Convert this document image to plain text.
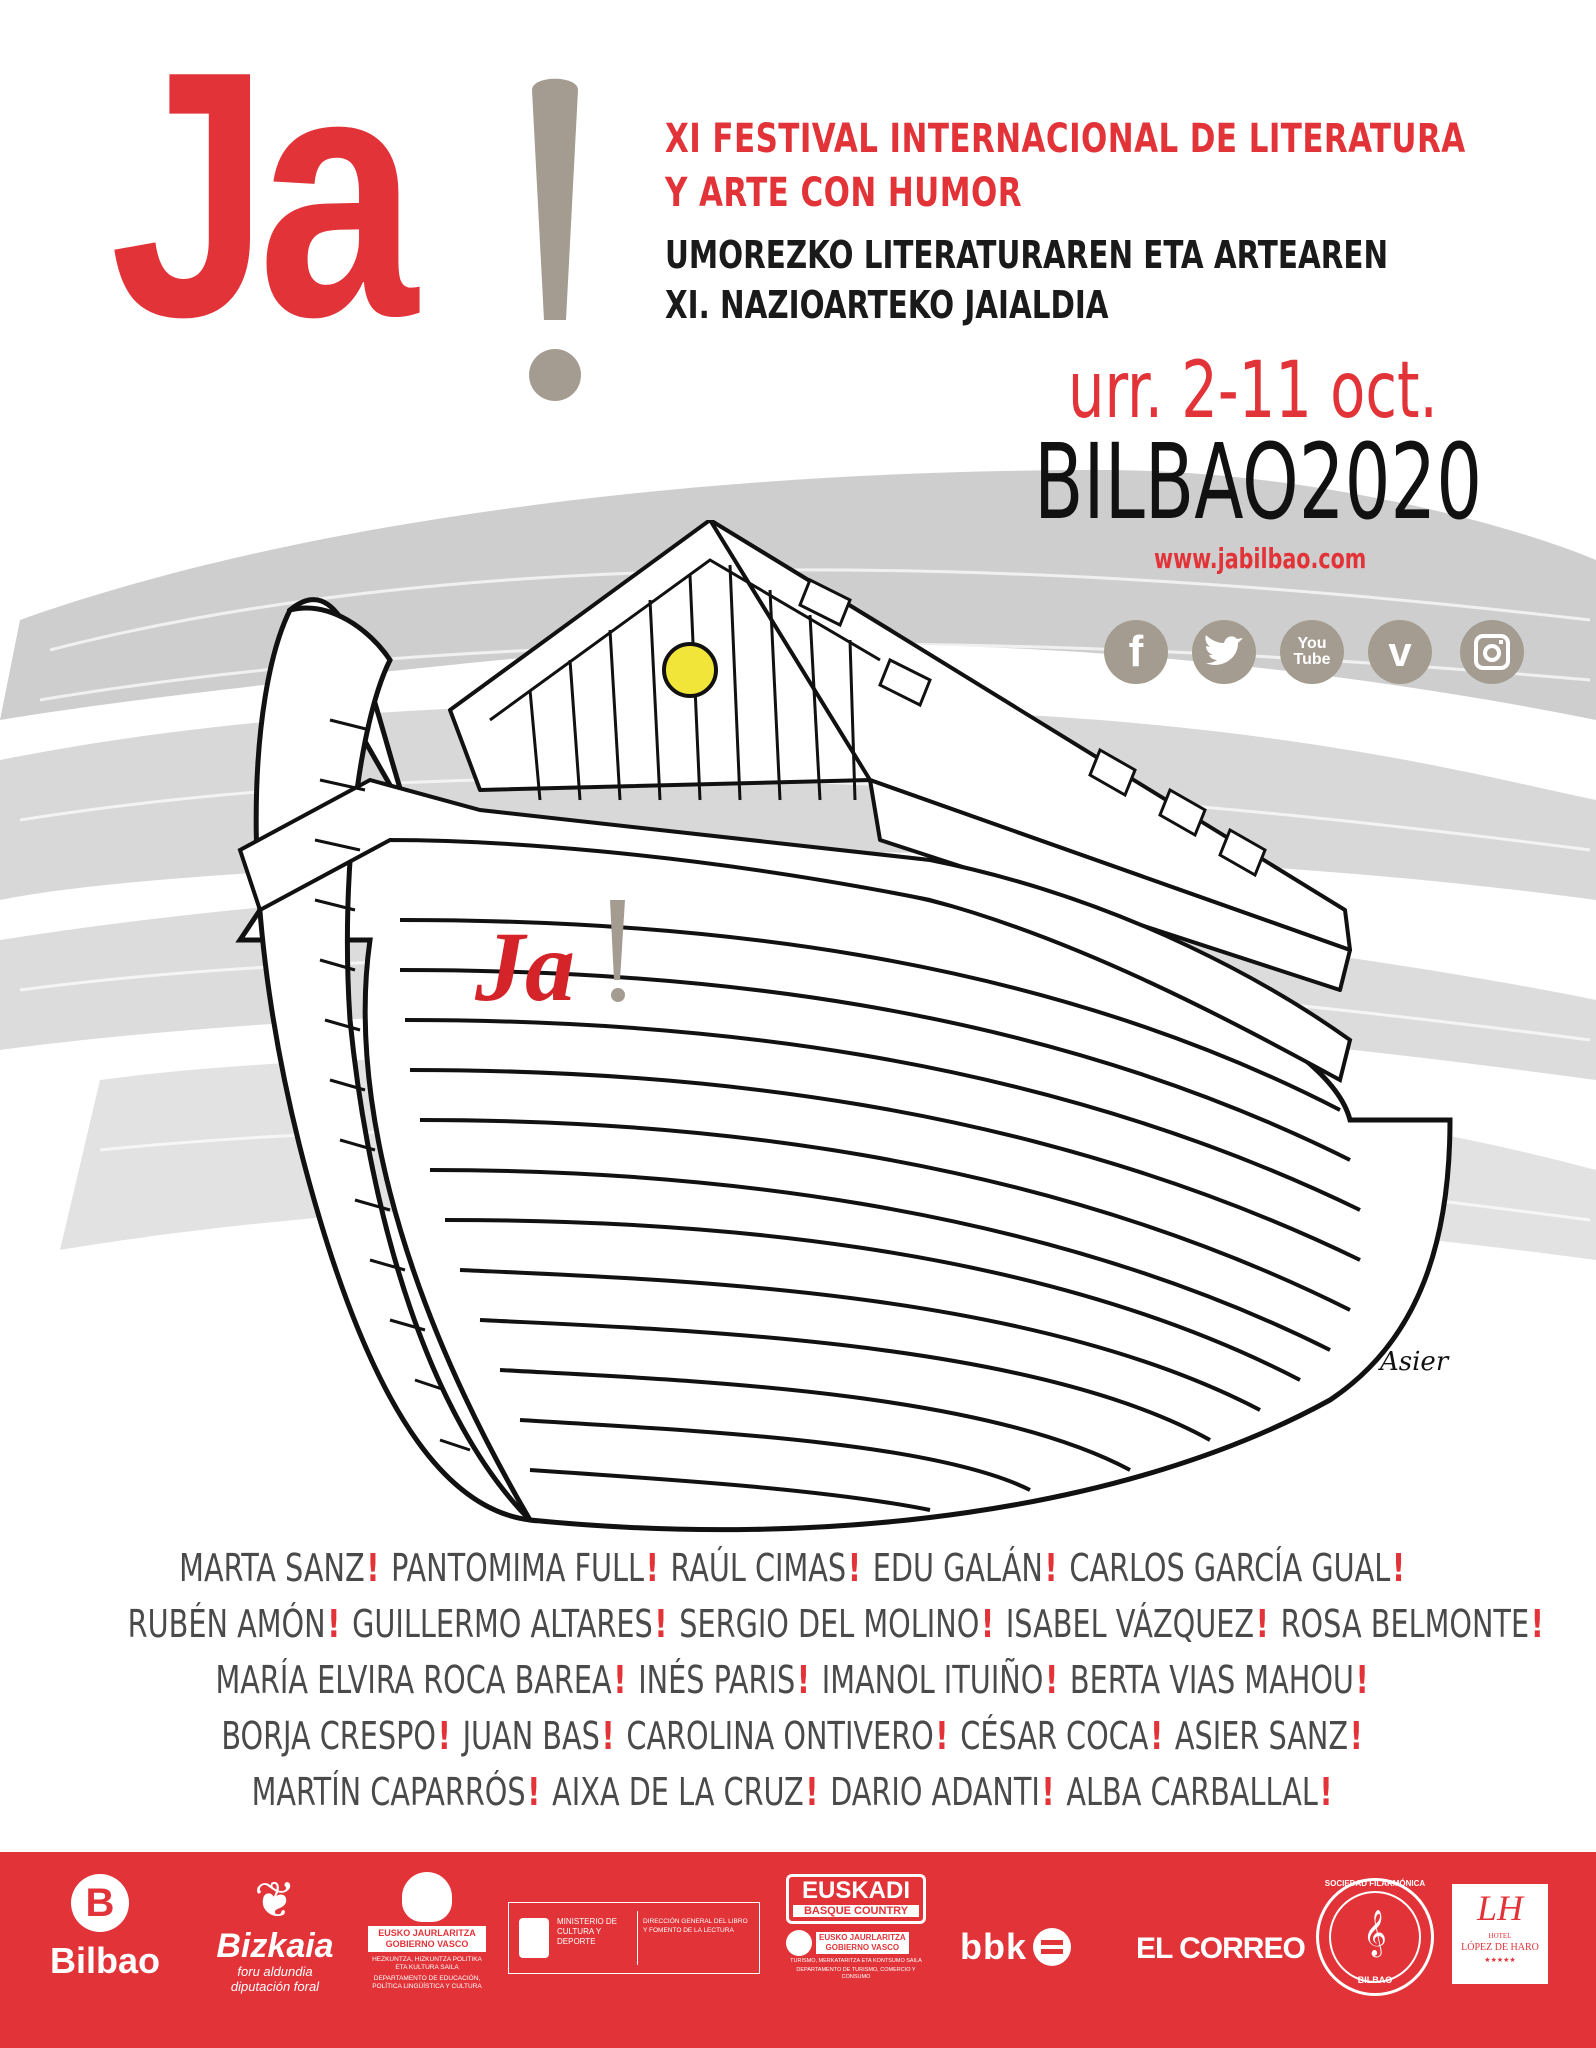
Ja	XI FESTIVAL INTERNACIONAL DE LITERATURA
Y ARTE CON HUMOR
UMOREZKO LITERATURAREN ETA ARTEAREN
XI. NAZIOARTEKO JAIALDIA
urr. 2-11 oct.
BILBAO2020
www.jabilbao.com
f	You
Tube	v
Ja
Asier
MARTA SANZ! PANTOMIMA FULL! RAÚL CIMAS! EDU GALÁN! CARLOS GARCÍA GUAL!
RUBÉN AMÓN! GUILLERMO ALTARES! SERGIO DEL MOLINO! ISABEL VÁZQUEZ! ROSA BELMONTE!
MARÍA ELVIRA ROCA BAREA! INÉS PARIS! IMANOL ITUIÑO! BERTA VIAS MAHOU!
BORJA CRESPO! JUAN BAS! CAROLINA ONTIVERO! CÉSAR COCA! ASIER SANZ!
MARTÍN CAPARRÓS! AIXA DE LA CRUZ! DARIO ADANTI! ALBA CARBALLAL!
B
Bilbao
❦
Bizkaia
foru aldundia
diputación foral
EUSKO JAURLARITZA
GOBIERNO VASCO
HEZKUNTZA, HIZKUNTZA POLITIKA ETA KULTURA SAILA
DEPARTAMENTO DE EDUCACIÓN, POLÍTICA LINGÜÍSTICA Y CULTURA
MINISTERIO DE CULTURA Y DEPORTE
DIRECCIÓN GENERAL DEL LIBRO Y FOMENTO DE LA LECTURA
EUSKADI
BASQUE COUNTRY
EUSKO JAURLARITZA
GOBIERNO VASCO
TURISMO, MERKATARITZA ETA KONTSUMO SAILA
DEPARTAMENTO DE TURISMO, COMERCIO Y CONSUMO
bbk	EL CORREO
SOCIEDAD FILARMÓNICA
𝄞
BILBAO
LH
HOTEL
LÓPEZ DE HARO
★★★★★
